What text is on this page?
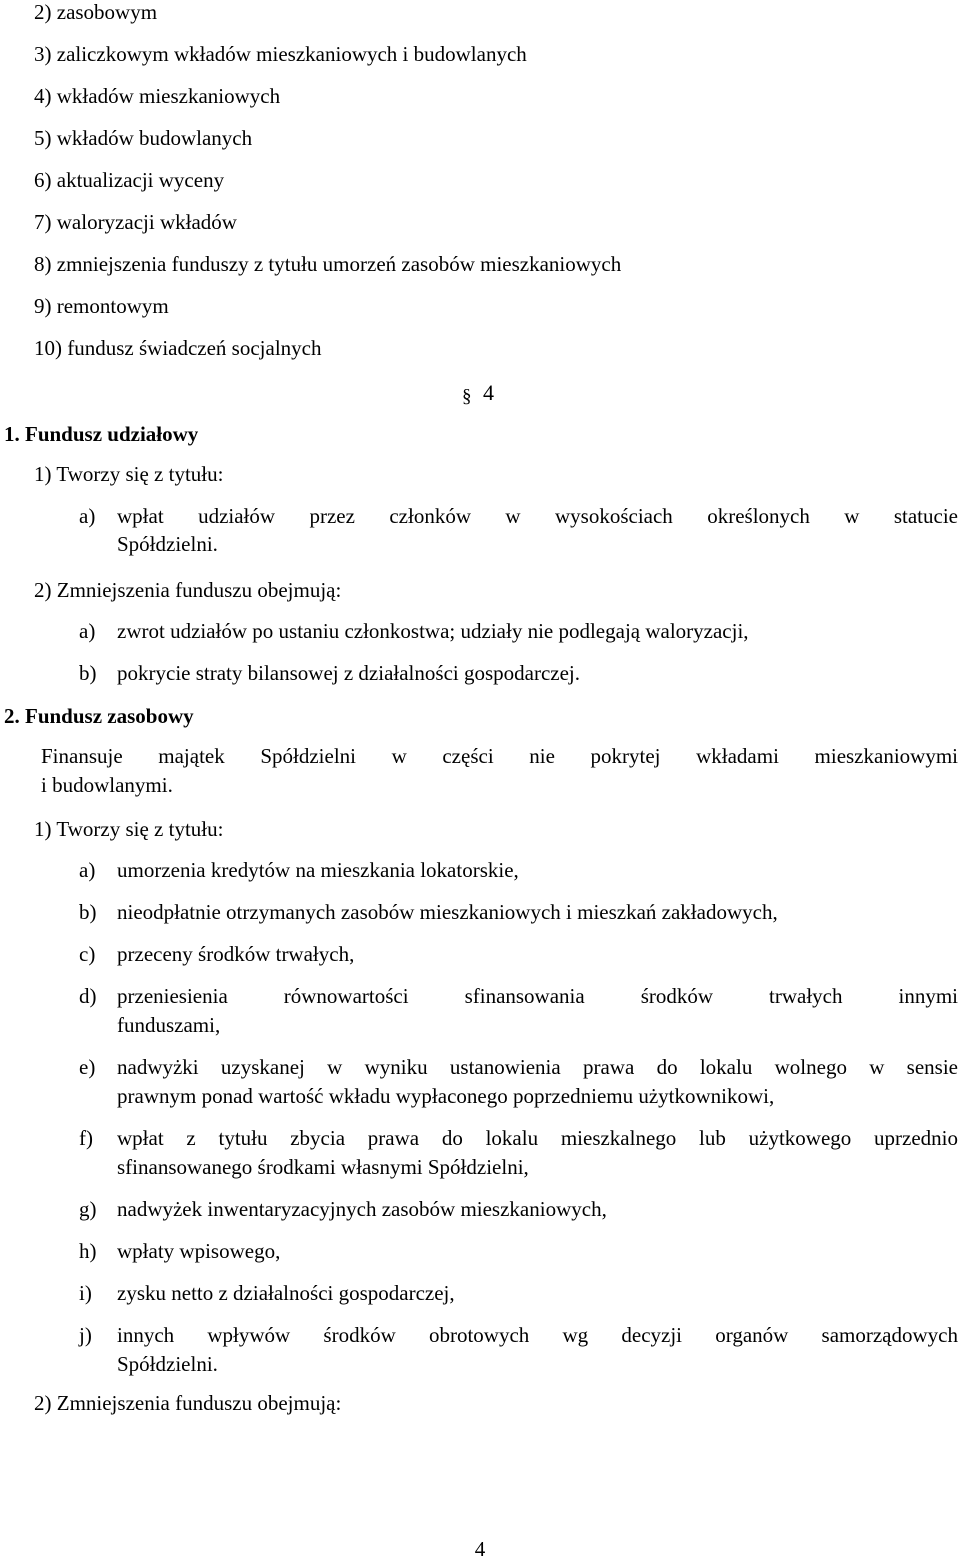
2) zasobowym
3) zaliczkowym wkładów mieszkaniowych i budowlanych
4) wkładów mieszkaniowych
5) wkładów budowlanych
6) aktualizacji wyceny
7) waloryzacji wkładów
8) zmniejszenia funduszy z tytułu umorzeń zasobów mieszkaniowych
9) remontowym
10) fundusz świadczeń socjalnych
§ 4
1. Fundusz udziałowy
1) Tworzy się z tytułu:
a) wpłat udziałów przez członków w wysokościach określonych w statucie
Spółdzielni.
2) Zmniejszenia funduszu obejmują:
a) zwrot udziałów po ustaniu członkostwa; udziały nie podlegają waloryzacji,
b) pokrycie straty bilansowej z działalności gospodarczej.
2. Fundusz zasobowy
Finansuje majątek Spółdzielni w części nie pokrytej wkładami mieszkaniowymi
i budowlanymi.
1) Tworzy się z tytułu:
a) umorzenia kredytów na mieszkania lokatorskie,
b) nieodpłatnie otrzymanych zasobów mieszkaniowych i mieszkań zakładowych,
c) przeceny środków trwałych,
d) przeniesienia równowartości sfinansowania środków trwałych innymi
funduszami,
e) nadwyżki uzyskanej w wyniku ustanowienia prawa do lokalu wolnego w sensie
prawnym ponad wartość wkładu wypłaconego poprzedniemu użytkownikowi,
f) wpłat z tytułu zbycia prawa do lokalu mieszkalnego lub użytkowego uprzednio
sfinansowanego środkami własnymi Spółdzielni,
g) nadwyżek inwentaryzacyjnych zasobów mieszkaniowych,
h) wpłaty wpisowego,
i) zysku netto z działalności gospodarczej,
j) innych wpływów środków obrotowych wg decyzji organów samorządowych
Spółdzielni.
2) Zmniejszenia funduszu obejmują:
4
